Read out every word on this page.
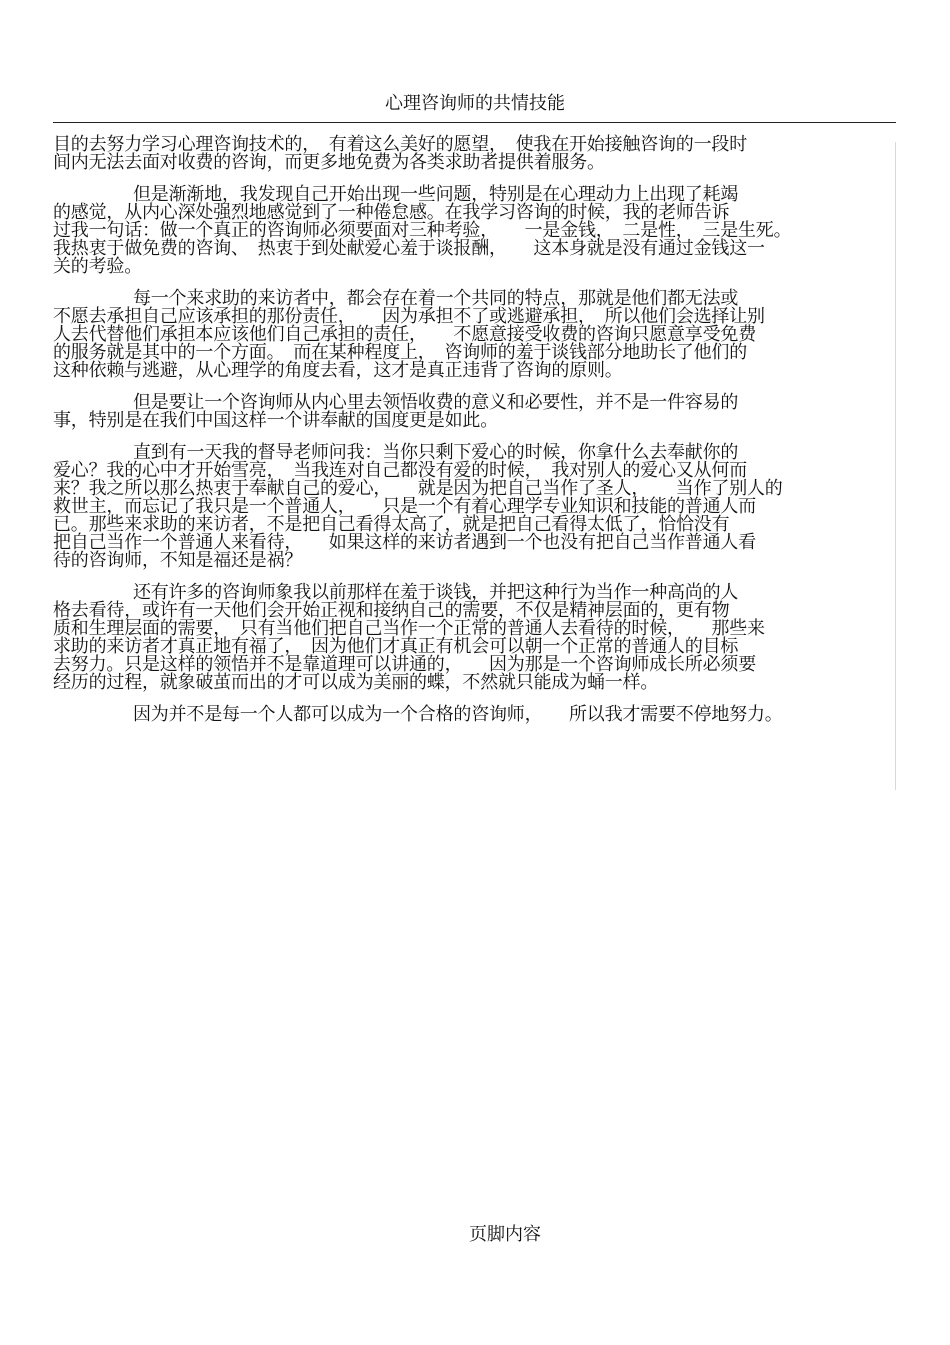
心理咨询师的共情技能

目的去努力学习心理咨询技术的，　有着这么美好的愿望，　使我在开始接触咨询的一段时
间内无法去面对收费的咨询，而更多地免费为各类求助者提供着服务。

但是渐渐地，我发现自己开始出现一些问题，特别是在心理动力上出现了耗竭
的感觉，从内心深处强烈地感觉到了一种倦怠感。在我学习咨询的时候，我的老师告诉
过我一句话：做一个真正的咨询师必须要面对三种考验，　　一是金钱，　二是性，　三是生死。
我热衷于做免费的咨询、　热衷于到处献爱心羞于谈报酬，　　这本身就是没有通过金钱这一
关的考验。

每一个来求助的来访者中，都会存在着一个共同的特点，那就是他们都无法或
不愿去承担自己应该承担的那份责任，　　因为承担不了或逃避承担，　所以他们会选择让别
人去代替他们承担本应该他们自己承担的责任，　　不愿意接受收费的咨询只愿意享受免费
的服务就是其中的一个方面。　而在某种程度上，　咨询师的羞于谈钱部分地助长了他们的
这种依赖与逃避，从心理学的角度去看，这才是真正违背了咨询的原则。

但是要让一个咨询师从内心里去领悟收费的意义和必要性，并不是一件容易的
事，特别是在我们中国这样一个讲奉献的国度更是如此。

直到有一天我的督导老师问我：当你只剩下爱心的时候，你拿什么去奉献你的
爱心？我的心中才开始雪亮，　当我连对自己都没有爱的时候，　我对别人的爱心又从何而
来？我之所以那么热衷于奉献自己的爱心，　　就是因为把自己当作了圣人，　　当作了别人的
救世主，而忘记了我只是一个普通人，　　只是一个有着心理学专业知识和技能的普通人而
已。那些来求助的来访者，不是把自己看得太高了，就是把自己看得太低了，恰恰没有
把自己当作一个普通人来看待，　　如果这样的来访者遇到一个也没有把自己当作普通人看
待的咨询师，不知是福还是祸？

还有许多的咨询师象我以前那样在羞于谈钱，并把这种行为当作一种高尚的人
格去看待，或许有一天他们会开始正视和接纳自己的需要，不仅是精神层面的，更有物
质和生理层面的需要，　只有当他们把自己当作一个正常的普通人去看待的时候，　　那些来
求助的来访者才真正地有福了，　因为他们才真正有机会可以朝一个正常的普通人的目标
去努力。只是这样的领悟并不是靠道理可以讲通的，　　因为那是一个咨询师成长所必须要
经历的过程，就象破茧而出的才可以成为美丽的蝶，不然就只能成为蛹一样。

因为并不是每一个人都可以成为一个合格的咨询师，　　所以我才需要不停地努力。

页脚内容
